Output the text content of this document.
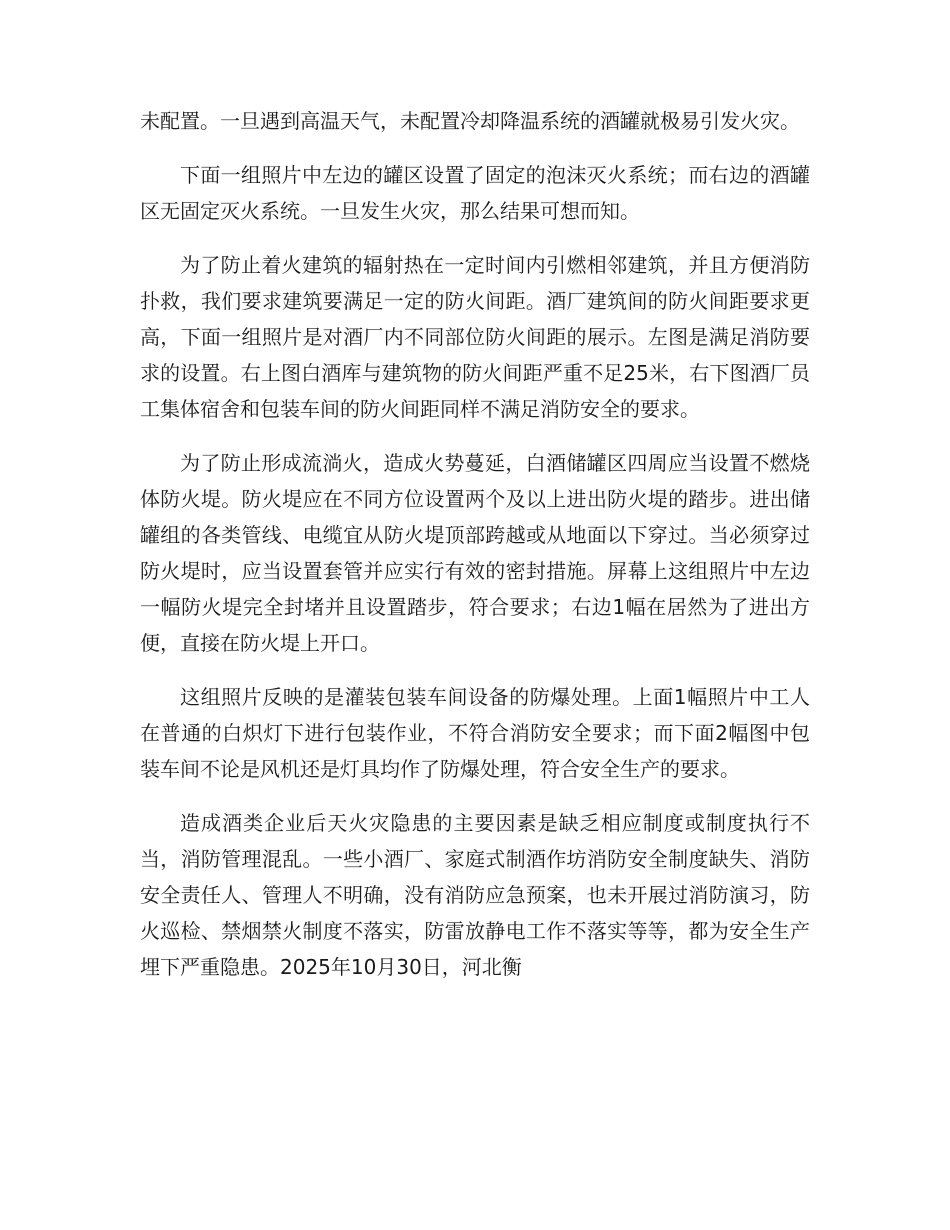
未配置。一旦遇到高温天气，未配置冷却降温系统的酒罐就极易引发火灾。

下面一组照片中左边的罐区设置了固定的泡沫灭火系统；而右边的酒罐区无固定灭火系统。一旦发生火灾，那么结果可想而知。

为了防止着火建筑的辐射热在一定时间内引燃相邻建筑，并且方便消防扑救，我们要求建筑要满足一定的防火间距。酒厂建筑间的防火间距要求更高，下面一组照片是对酒厂内不同部位防火间距的展示。左图是满足消防要求的设置。右上图白酒库与建筑物的防火间距严重不足25米，右下图酒厂员工集体宿舍和包装车间的防火间距同样不满足消防安全的要求。

为了防止形成流淌火，造成火势蔓延，白酒储罐区四周应当设置不燃烧体防火堤。防火堤应在不同方位设置两个及以上进出防火堤的踏步。进出储罐组的各类管线、电缆宜从防火堤顶部跨越或从地面以下穿过。当必须穿过防火堤时，应当设置套管并应实行有效的密封措施。屏幕上这组照片中左边一幅防火堤完全封堵并且设置踏步，符合要求；右边1幅在居然为了进出方便，直接在防火堤上开口。

这组照片反映的是灌装包装车间设备的防爆处理。上面1幅照片中工人在普通的白炽灯下进行包装作业，不符合消防安全要求；而下面2幅图中包装车间不论是风机还是灯具均作了防爆处理，符合安全生产的要求。

造成酒类企业后天火灾隐患的主要因素是缺乏相应制度或制度执行不当，消防管理混乱。一些小酒厂、家庭式制酒作坊消防安全制度缺失、消防安全责任人、管理人不明确，没有消防应急预案，也未开展过消防演习，防火巡检、禁烟禁火制度不落实，防雷放静电工作不落实等等，都为安全生产埋下严重隐患。2025年10月30日，河北衡
